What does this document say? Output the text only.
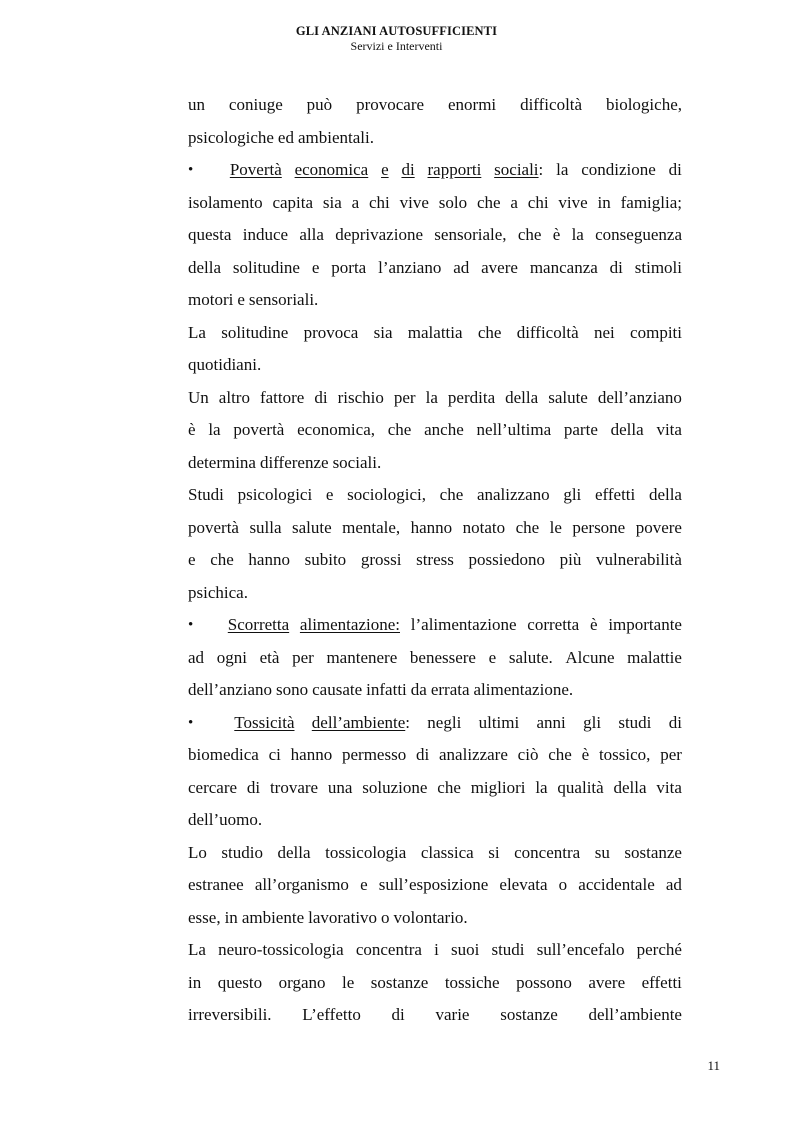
GLI ANZIANI AUTOSUFFICIENTI
Servizi e Interventi
un coniuge può provocare enormi difficoltà biologiche,
psicologiche ed ambientali.
•	Povertà economica e di rapporti sociali: la condizione di
isolamento capita sia a chi vive solo che a chi vive in famiglia;
questa induce alla deprivazione sensoriale, che è la conseguenza
della solitudine e porta l’anziano ad avere mancanza di stimoli
motori e sensoriali.
La solitudine provoca sia malattia che difficoltà nei compiti
quotidiani.
Un altro fattore di rischio per la perdita della salute dell’anziano
è la povertà economica, che anche nell’ultima parte della vita
determina differenze sociali.
Studi psicologici e sociologici, che analizzano gli effetti della
povertà sulla salute mentale, hanno notato che le persone povere
e che hanno subito grossi stress possiedono più vulnerabilità
psichica.
•	Scorretta alimentazione: l’alimentazione corretta è importante
ad ogni età per mantenere benessere e salute. Alcune malattie
dell’anziano sono causate infatti da errata alimentazione.
•	Tossicità dell’ambiente: negli ultimi anni gli studi di
biomedica ci hanno permesso di analizzare ciò che è tossico, per
cercare di trovare una soluzione che migliori la qualità della vita
dell’uomo.
Lo studio della tossicologia classica si concentra su sostanze
estranee all’organismo e sull’esposizione elevata o accidentale ad
esse, in ambiente lavorativo o volontario.
La neuro-tossicologia concentra i suoi studi sull’encefalo perché
in questo organo le sostanze tossiche possono avere effetti
irreversibili. L’effetto di varie sostanze dell’ambiente
11
